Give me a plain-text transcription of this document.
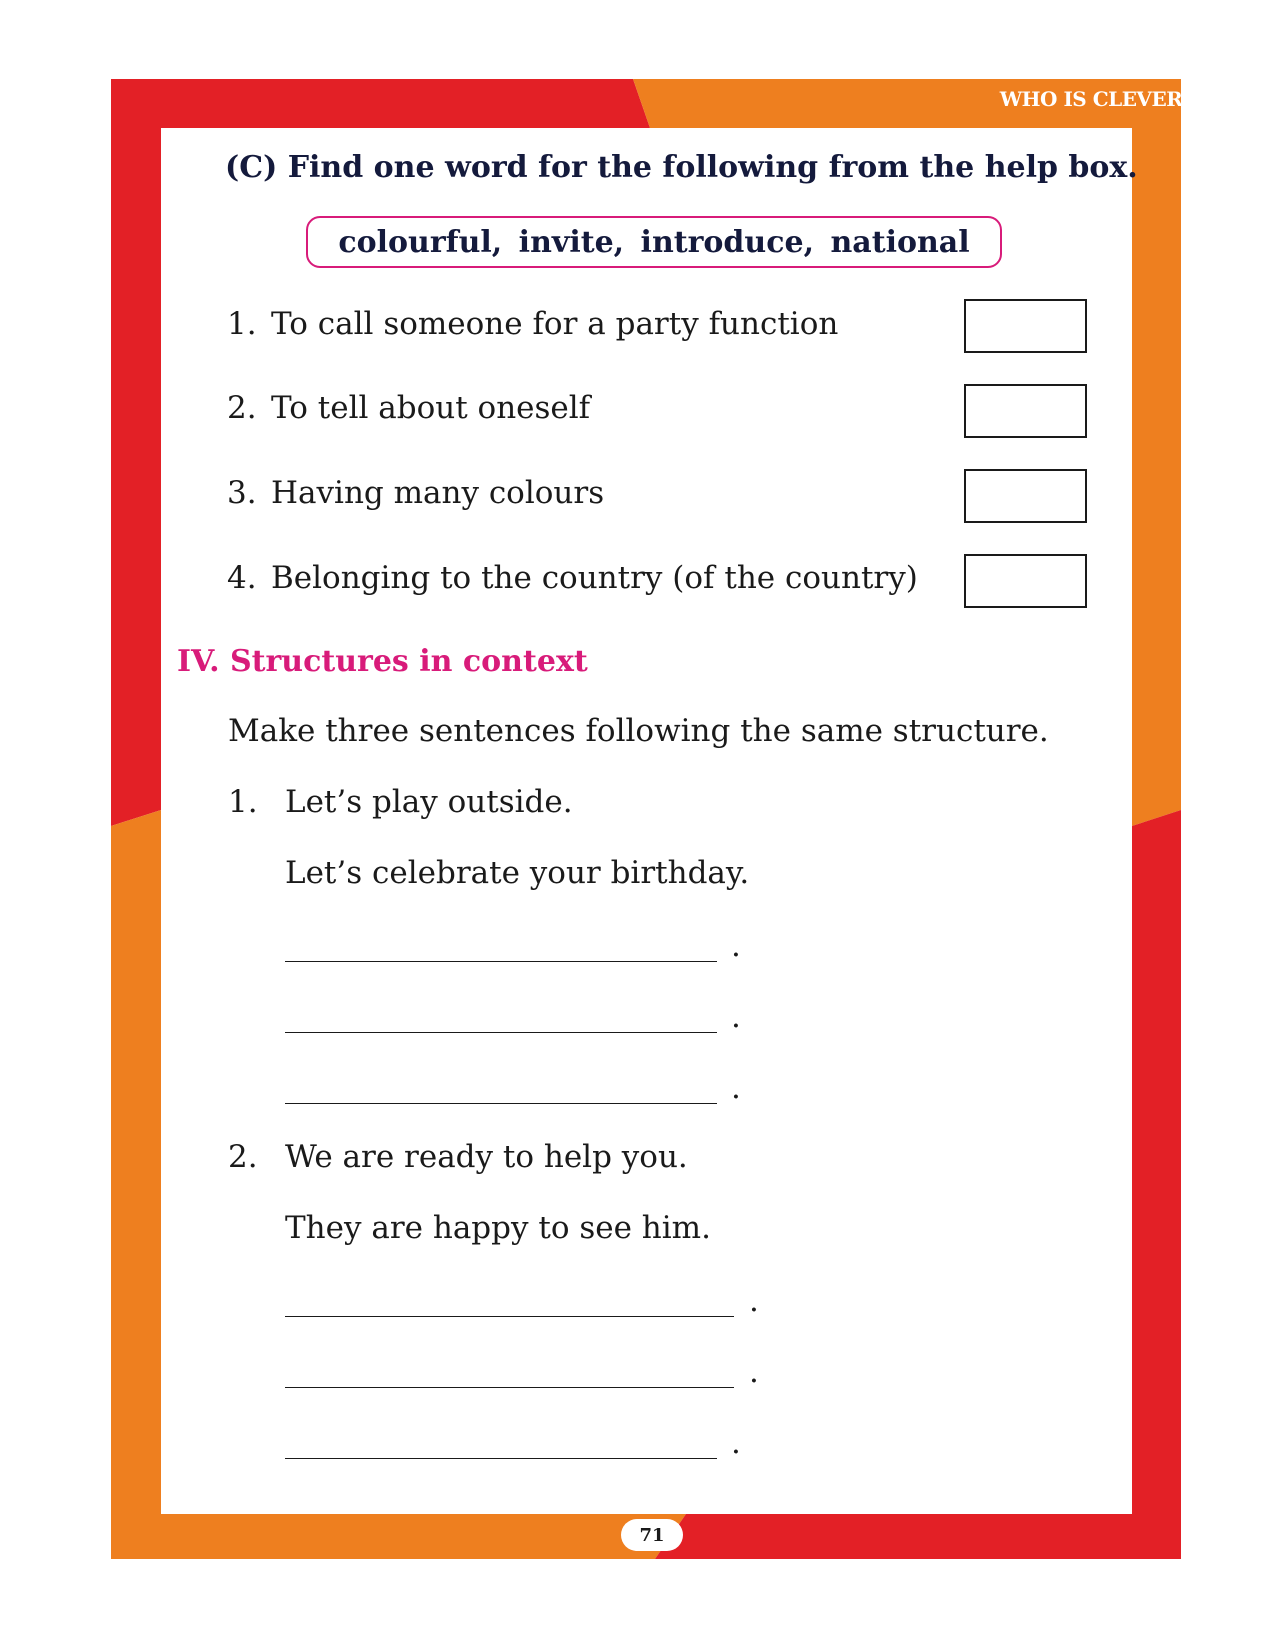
WHO IS CLEVER ?
(C) Find one word for the following from the help box.
colourful, invite, introduce, national
1. To call someone for a party function
2. To tell about oneself
3. Having many colours
4. Belonging to the country (of the country)
IV. Structures in context
Make three sentences following the same structure.
1. Let’s play outside.
Let’s celebrate your birthday.
.
.
.
2. We are ready to help you.
They are happy to see him.
.
.
.
71
